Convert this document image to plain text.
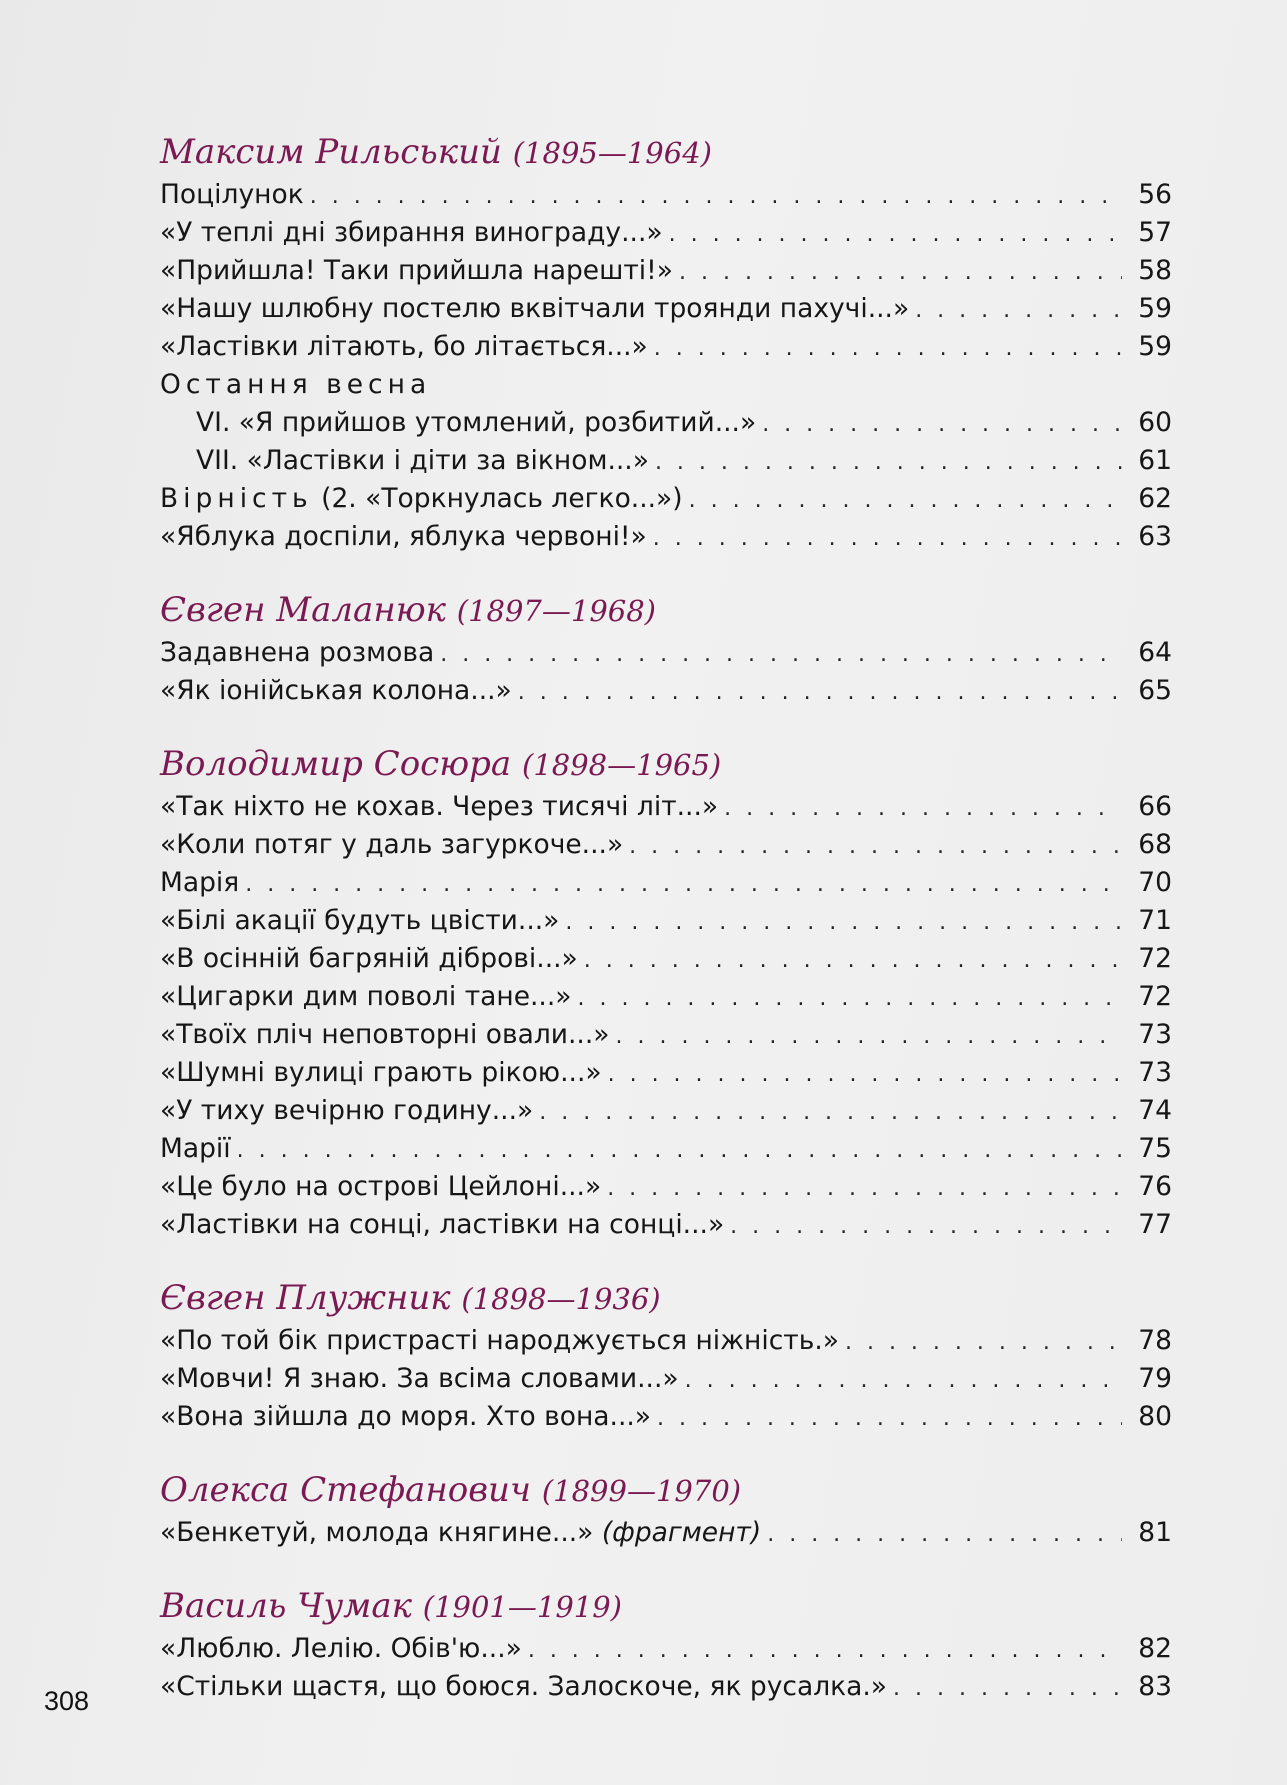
Максим Рильський (1895—1964)
Поцілунок . . .	56
«У теплі дні збирання винограду...» . . .	57
«Прийшла! Таки прийшла нарешті!» . . .	58
«Нашу шлюбну постелю вквітчали троянди пахучі...» . . .	59
«Ластівки літають, бо літається...» . . .	59
Остання весна
VI. «Я прийшов утомлений, розбитий...» . . .	60
VII. «Ластівки і діти за вікном...» . . .	61
Вірність (2. «Торкнулась легко...») . . .	62
«Яблука доспіли, яблука червоні!» . . .	63
Євген Маланюк (1897—1968)
Задавнена розмова . . .	64
«Як іонійськая колона...» . . .	65
Володимир Сосюра (1898—1965)
«Так ніхто не кохав. Через тисячі літ...» . . .	66
«Коли потяг у даль загуркоче...» . . .	68
Марія . . .	70
«Білі акації будуть цвісти...» . . .	71
«В осінній багряній діброві...» . . .	72
«Цигарки дим поволі тане...» . . .	72
«Твоїх пліч неповторні овали...» . . .	73
«Шумні вулиці грають рікою...» . . .	73
«У тиху вечірню годину...» . . .	74
Марії . . .	75
«Це було на острові Цейлоні...» . . .	76
«Ластівки на сонці, ластівки на сонці...» . . .	77
Євген Плужник (1898—1936)
«По той бік пристрасті народжується ніжність.» . . .	78
«Мовчи! Я знаю. За всіма словами...» . . .	79
«Вона зійшла до моря. Хто вона...» . . .	80
Олекса Стефанович (1899—1970)
«Бенкетуй, молода княгине...» (фрагмент) . . .	81
Василь Чумак (1901—1919)
«Люблю. Лелію. Обів'ю...» . . .	82
«Стільки щастя, що боюся. Залоскоче, як русалка.» . . .	83
308
